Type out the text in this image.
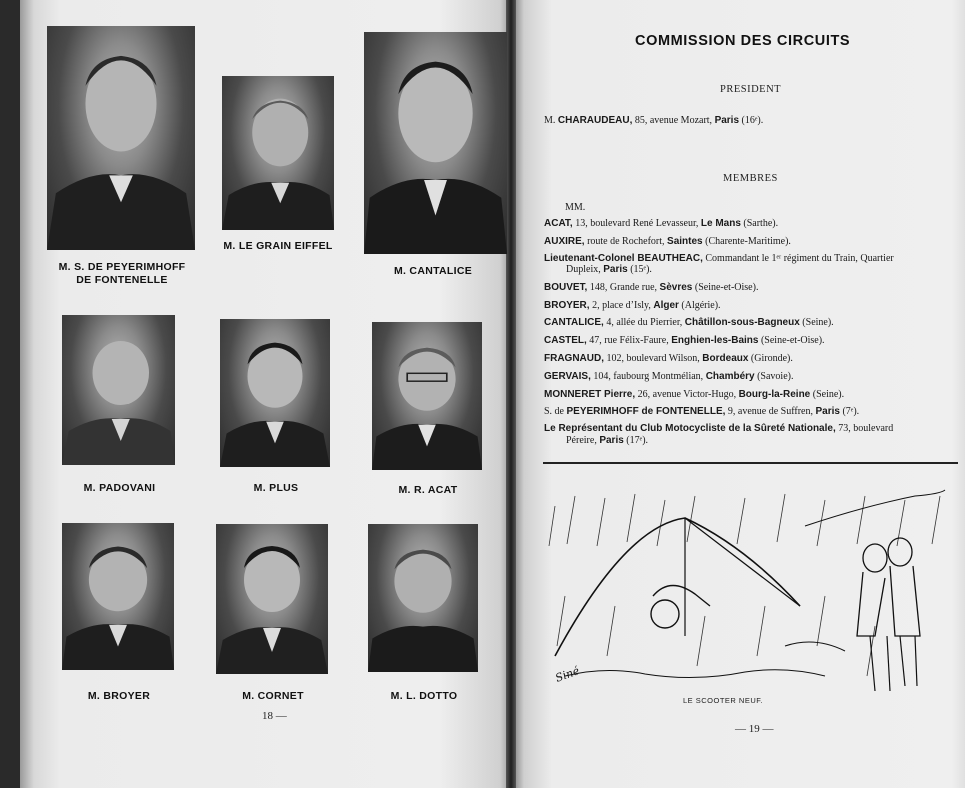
M. S. DE PEYERIMHOFF
DE FONTENELLE
M. LE GRAIN EIFFEL
M. CANTALICE
M. PADOVANI	M. PLUS	M. R. ACAT
M. BROYER	M. CORNET	M. L. DOTTO
18 —
COMMISSION DES CIRCUITS
PRESIDENT
M. CHARAUDEAU, 85, avenue Mozart, Paris (16ᵉ).
MEMBRES
MM.
ACAT, 13, boulevard René Levasseur, Le Mans (Sarthe).
AUXIRE, route de Rochefort, Saintes (Charente-Maritime).
Lieutenant-Colonel BEAUTHEAC, Commandant le 1ᵉʳ régiment du Train, Quartier
Dupleix, Paris (15ᵉ).
BOUVET, 148, Grande rue, Sèvres (Seine-et-Oise).
BROYER, 2, place d’Isly, Alger (Algérie).
CANTALICE, 4, allée du Pierrier, Châtillon-sous-Bagneux (Seine).
CASTEL, 47, rue Félix-Faure, Enghien-les-Bains (Seine-et-Oise).
FRAGNAUD, 102, boulevard Wilson, Bordeaux (Gironde).
GERVAIS, 104, faubourg Montmélian, Chambéry (Savoie).
MONNERET Pierre, 26, avenue Victor-Hugo, Bourg-la-Reine (Seine).
S. de PEYERIMHOFF de FONTENELLE, 9, avenue de Suffren, Paris (7ᵉ).
Le Représentant du Club Motocycliste de la Sûreté Nationale, 73, boulevard
Péreire, Paris (17ᵉ).
Siné
LE SCOOTER NEUF.
— 19 —
